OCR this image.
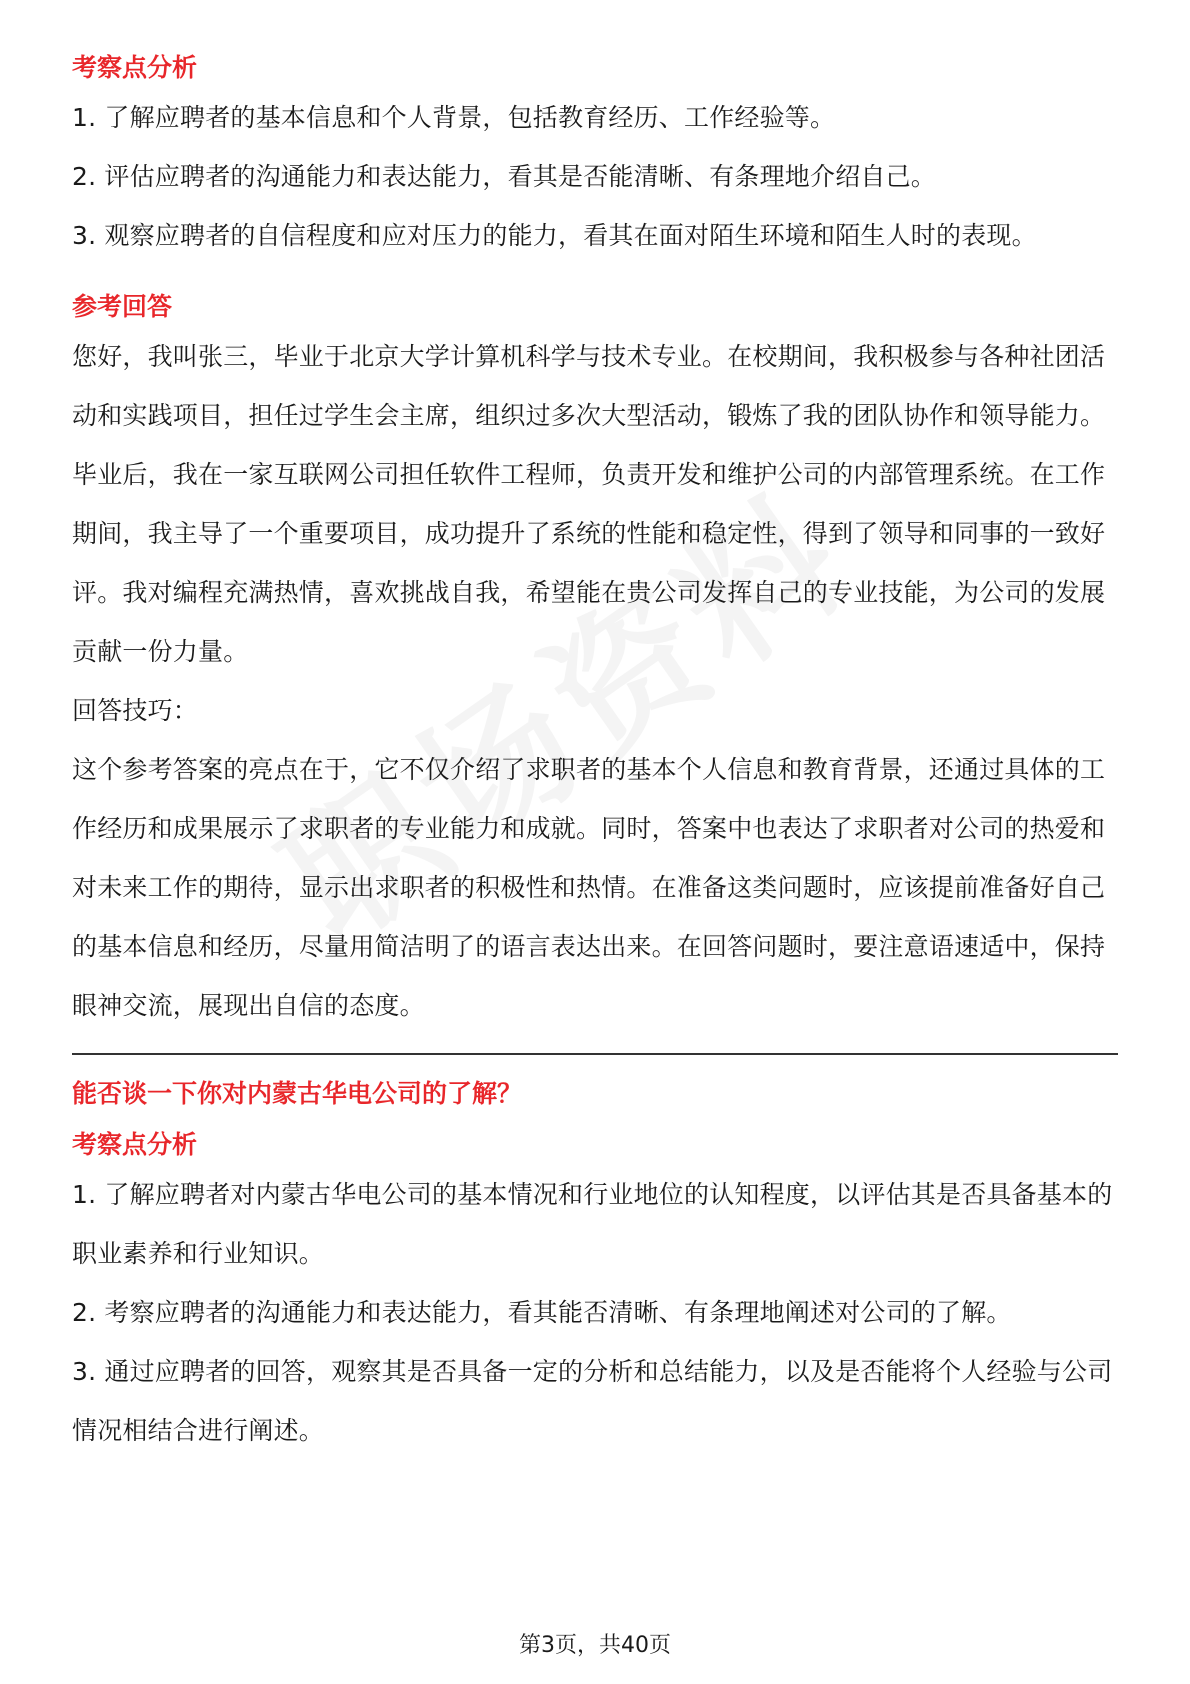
考察点分析

1. 了解应聘者的基本信息和个人背景，包括教育经历、工作经验等。

2. 评估应聘者的沟通能力和表达能力，看其是否能清晰、有条理地介绍自己。

3. 观察应聘者的自信程度和应对压力的能力，看其在面对陌生环境和陌生人时的表现。

参考回答

您好，我叫张三，毕业于北京大学计算机科学与技术专业。在校期间，我积极参与各种社团活动和实践项目，担任过学生会主席，组织过多次大型活动，锻炼了我的团队协作和领导能力。毕业后，我在一家互联网公司担任软件工程师，负责开发和维护公司的内部管理系统。在工作期间，我主导了一个重要项目，成功提升了系统的性能和稳定性，得到了领导和同事的一致好评。我对编程充满热情，喜欢挑战自我，希望能在贵公司发挥自己的专业技能，为公司的发展贡献一份力量。

回答技巧：

这个参考答案的亮点在于，它不仅介绍了求职者的基本个人信息和教育背景，还通过具体的工作经历和成果展示了求职者的专业能力和成就。同时，答案中也表达了求职者对公司的热爱和对未来工作的期待，显示出求职者的积极性和热情。在准备这类问题时，应该提前准备好自己的基本信息和经历，尽量用简洁明了的语言表达出来。在回答问题时，要注意语速适中，保持眼神交流，展现出自信的态度。

能否谈一下你对内蒙古华电公司的了解？

考察点分析

1. 了解应聘者对内蒙古华电公司的基本情况和行业地位的认知程度，以评估其是否具备基本的职业素养和行业知识。

2. 考察应聘者的沟通能力和表达能力，看其能否清晰、有条理地阐述对公司的了解。

3. 通过应聘者的回答，观察其是否具备一定的分析和总结能力，以及是否能将个人经验与公司情况相结合进行阐述。

第3页，共40页
